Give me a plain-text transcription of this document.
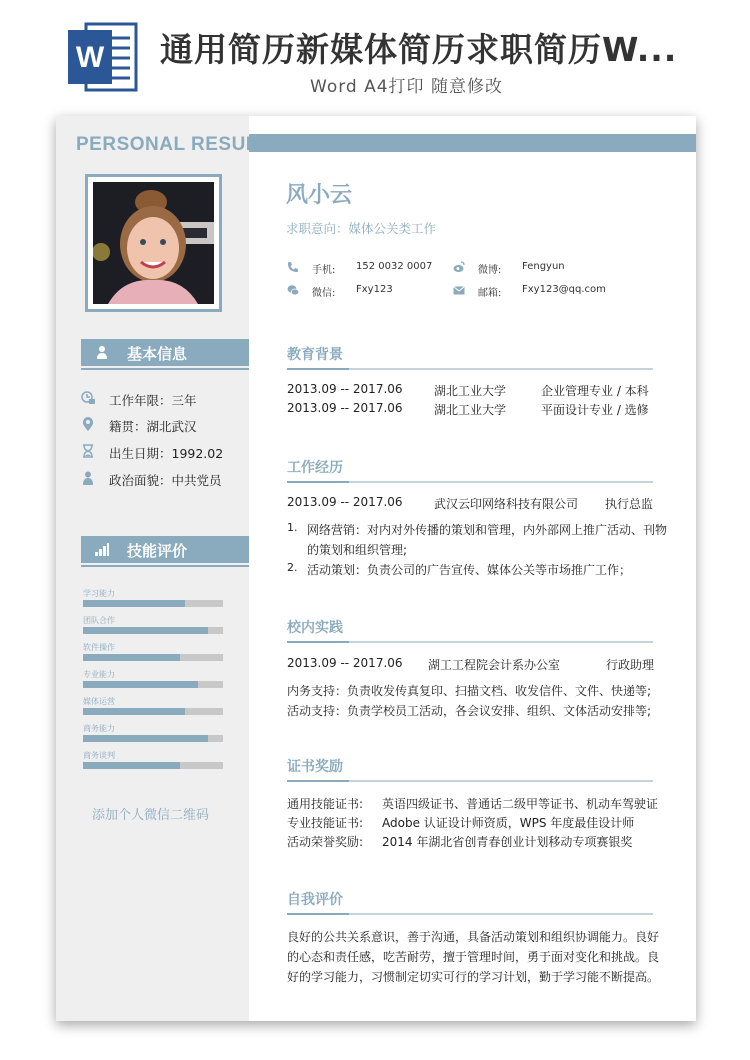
W 通用简历新媒体简历求职简历W...
Word A4打印 随意修改
PERSONAL RESUME
基本信息
工作年限：三年
籍贯：湖北武汉
出生日期：1992.02
政治面貌：中共党员
技能评价
添加个人微信二维码
风小云
求职意向：媒体公关类工作
手机: 152 0032 0007	微博: Fengyun
微信: Fxy123	邮箱: Fxy123@qq.com
教育背景
2013.09 -- 2017.06	湖北工业大学	企业管理专业 / 本科
2013.09 -- 2017.06	湖北工业大学	平面设计专业 / 选修
工作经历
2013.09 -- 2017.06	武汉云印网络科技有限公司 执行总监
1. 网络营销：对内对外传播的策划和管理，内外部网上推广活动、刊物
的策划和组织管理;
2. 活动策划：负责公司的广告宣传、媒体公关等市场推广工作；
校内实践
2013.09 -- 2017.06 湖工工程院会计系办公室	行政助理
内务支持：负责收发传真复印、扫描文档、收发信件、文件、快递等;
活动支持：负责学校员工活动，各会议安排、组织、文体活动安排等;
证书奖励
通用技能证书: 英语四级证书、普通话二级甲等证书、机动车驾驶证
专业技能证书: Adobe 认证设计师资质，WPS 年度最佳设计师
活动荣誉奖励: 2014 年湖北省创青春创业计划移动专项赛银奖
自我评价
良好的公共关系意识，善于沟通，具备活动策划和组织协调能力。良好
的心态和责任感，吃苦耐劳，擅于管理时间，勇于面对变化和挑战。良
好的学习能力，习惯制定切实可行的学习计划，勤于学习能不断提高。
学习能力
团队合作
软件操作
专业能力
媒体运营
商务能力
商务谈判
